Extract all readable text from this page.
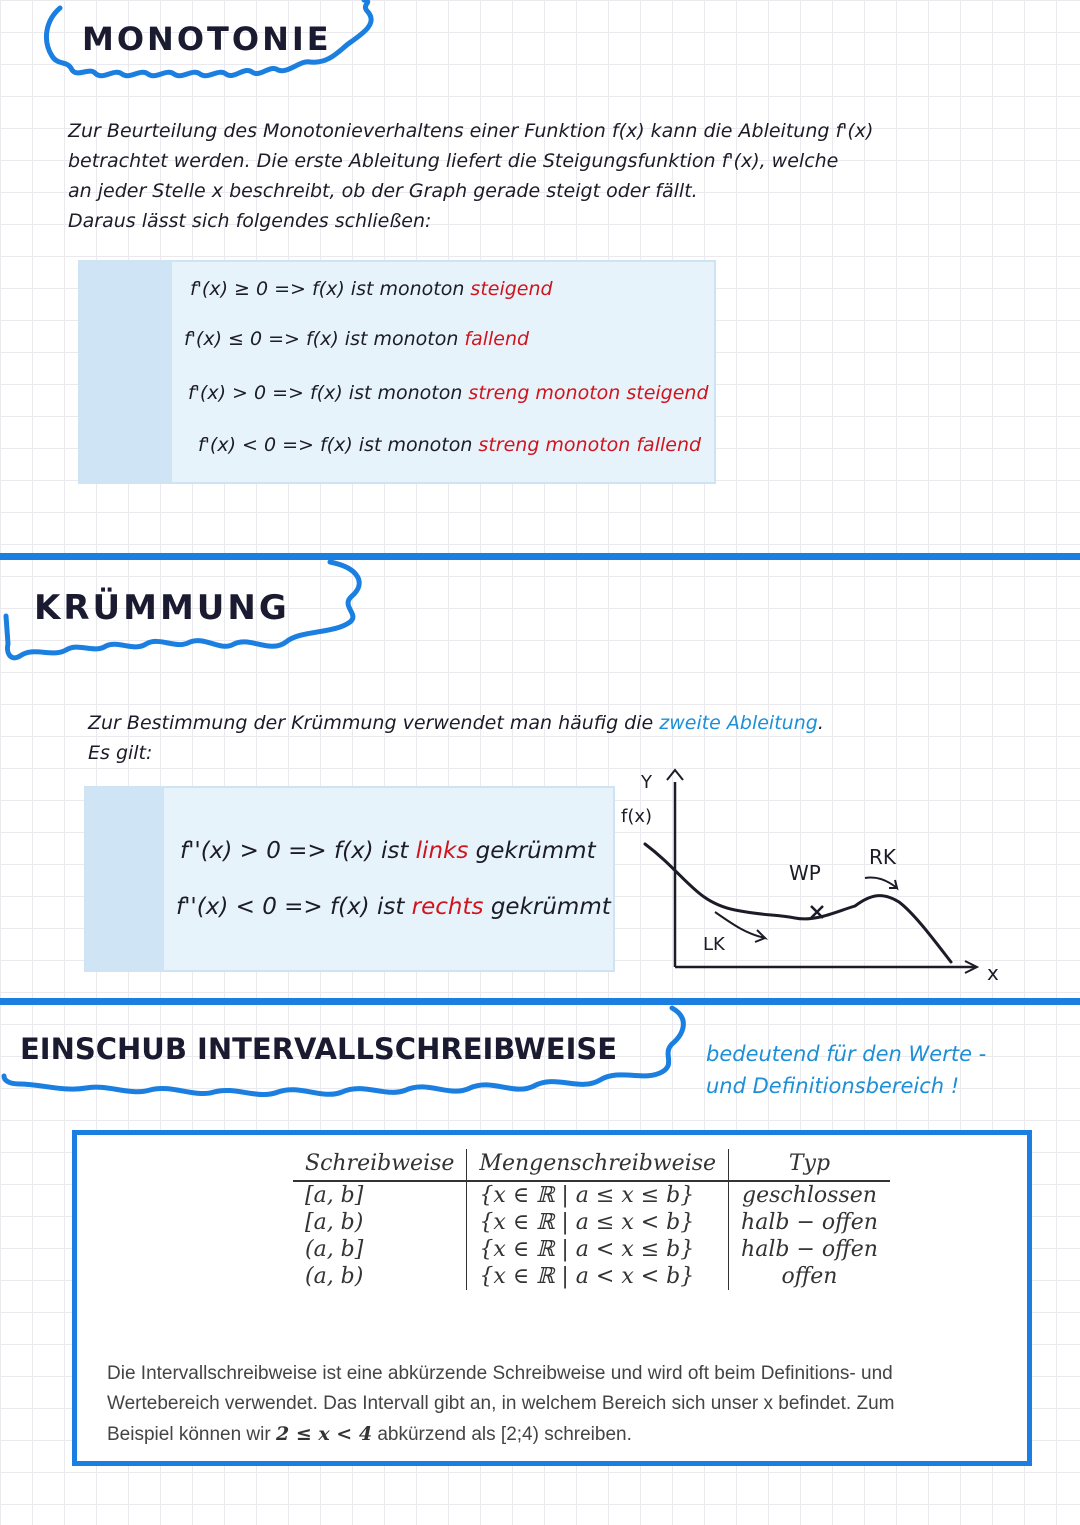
MONOTONIE
Zur Beurteilung des Monotonieverhaltens einer Funktion f(x) kann die Ableitung f'(x)
betrachtet werden. Die erste Ableitung liefert die Steigungsfunktion f'(x), welche
an jeder Stelle x beschreibt, ob der Graph gerade steigt oder fällt.
Daraus lässt sich folgendes schließen:
f'(x) ≥ 0 => f(x) ist monoton steigend
f'(x) ≤ 0 => f(x) ist monoton fallend
f'(x) > 0 => f(x) ist monoton streng monoton steigend
f'(x) < 0 => f(x) ist monoton streng monoton fallend
KRÜMMUNG
Zur Bestimmung der Krümmung verwendet man häufig die zweite Ableitung.
Es gilt:
f''(x) > 0 => f(x) ist links gekrümmt
f''(x) < 0 => f(x) ist rechts gekrümmt
Y
f(x)
x
LK
WP
RK
EINSCHUB INTERVALLSCHREIBWEISE	bedeutend für den Werte -
und Definitionsbereich !
Schreibweise	Mengenschreibweise	Typ
[a, b]	{x ∈ ℝ | a ≤ x ≤ b}	geschlossen
[a, b)	{x ∈ ℝ | a ≤ x < b}	halb − offen
(a, b]	{x ∈ ℝ | a < x ≤ b}	halb − offen
(a, b)	{x ∈ ℝ | a < x < b}	offen
Die Intervallschreibweise ist eine abkürzende Schreibweise und wird oft beim Definitions- und
Wertebereich verwendet. Das Intervall gibt an, in welchem Bereich sich unser x befindet. Zum
Beispiel können wir 2 ≤ x < 4 abkürzend als [2;4) schreiben.
